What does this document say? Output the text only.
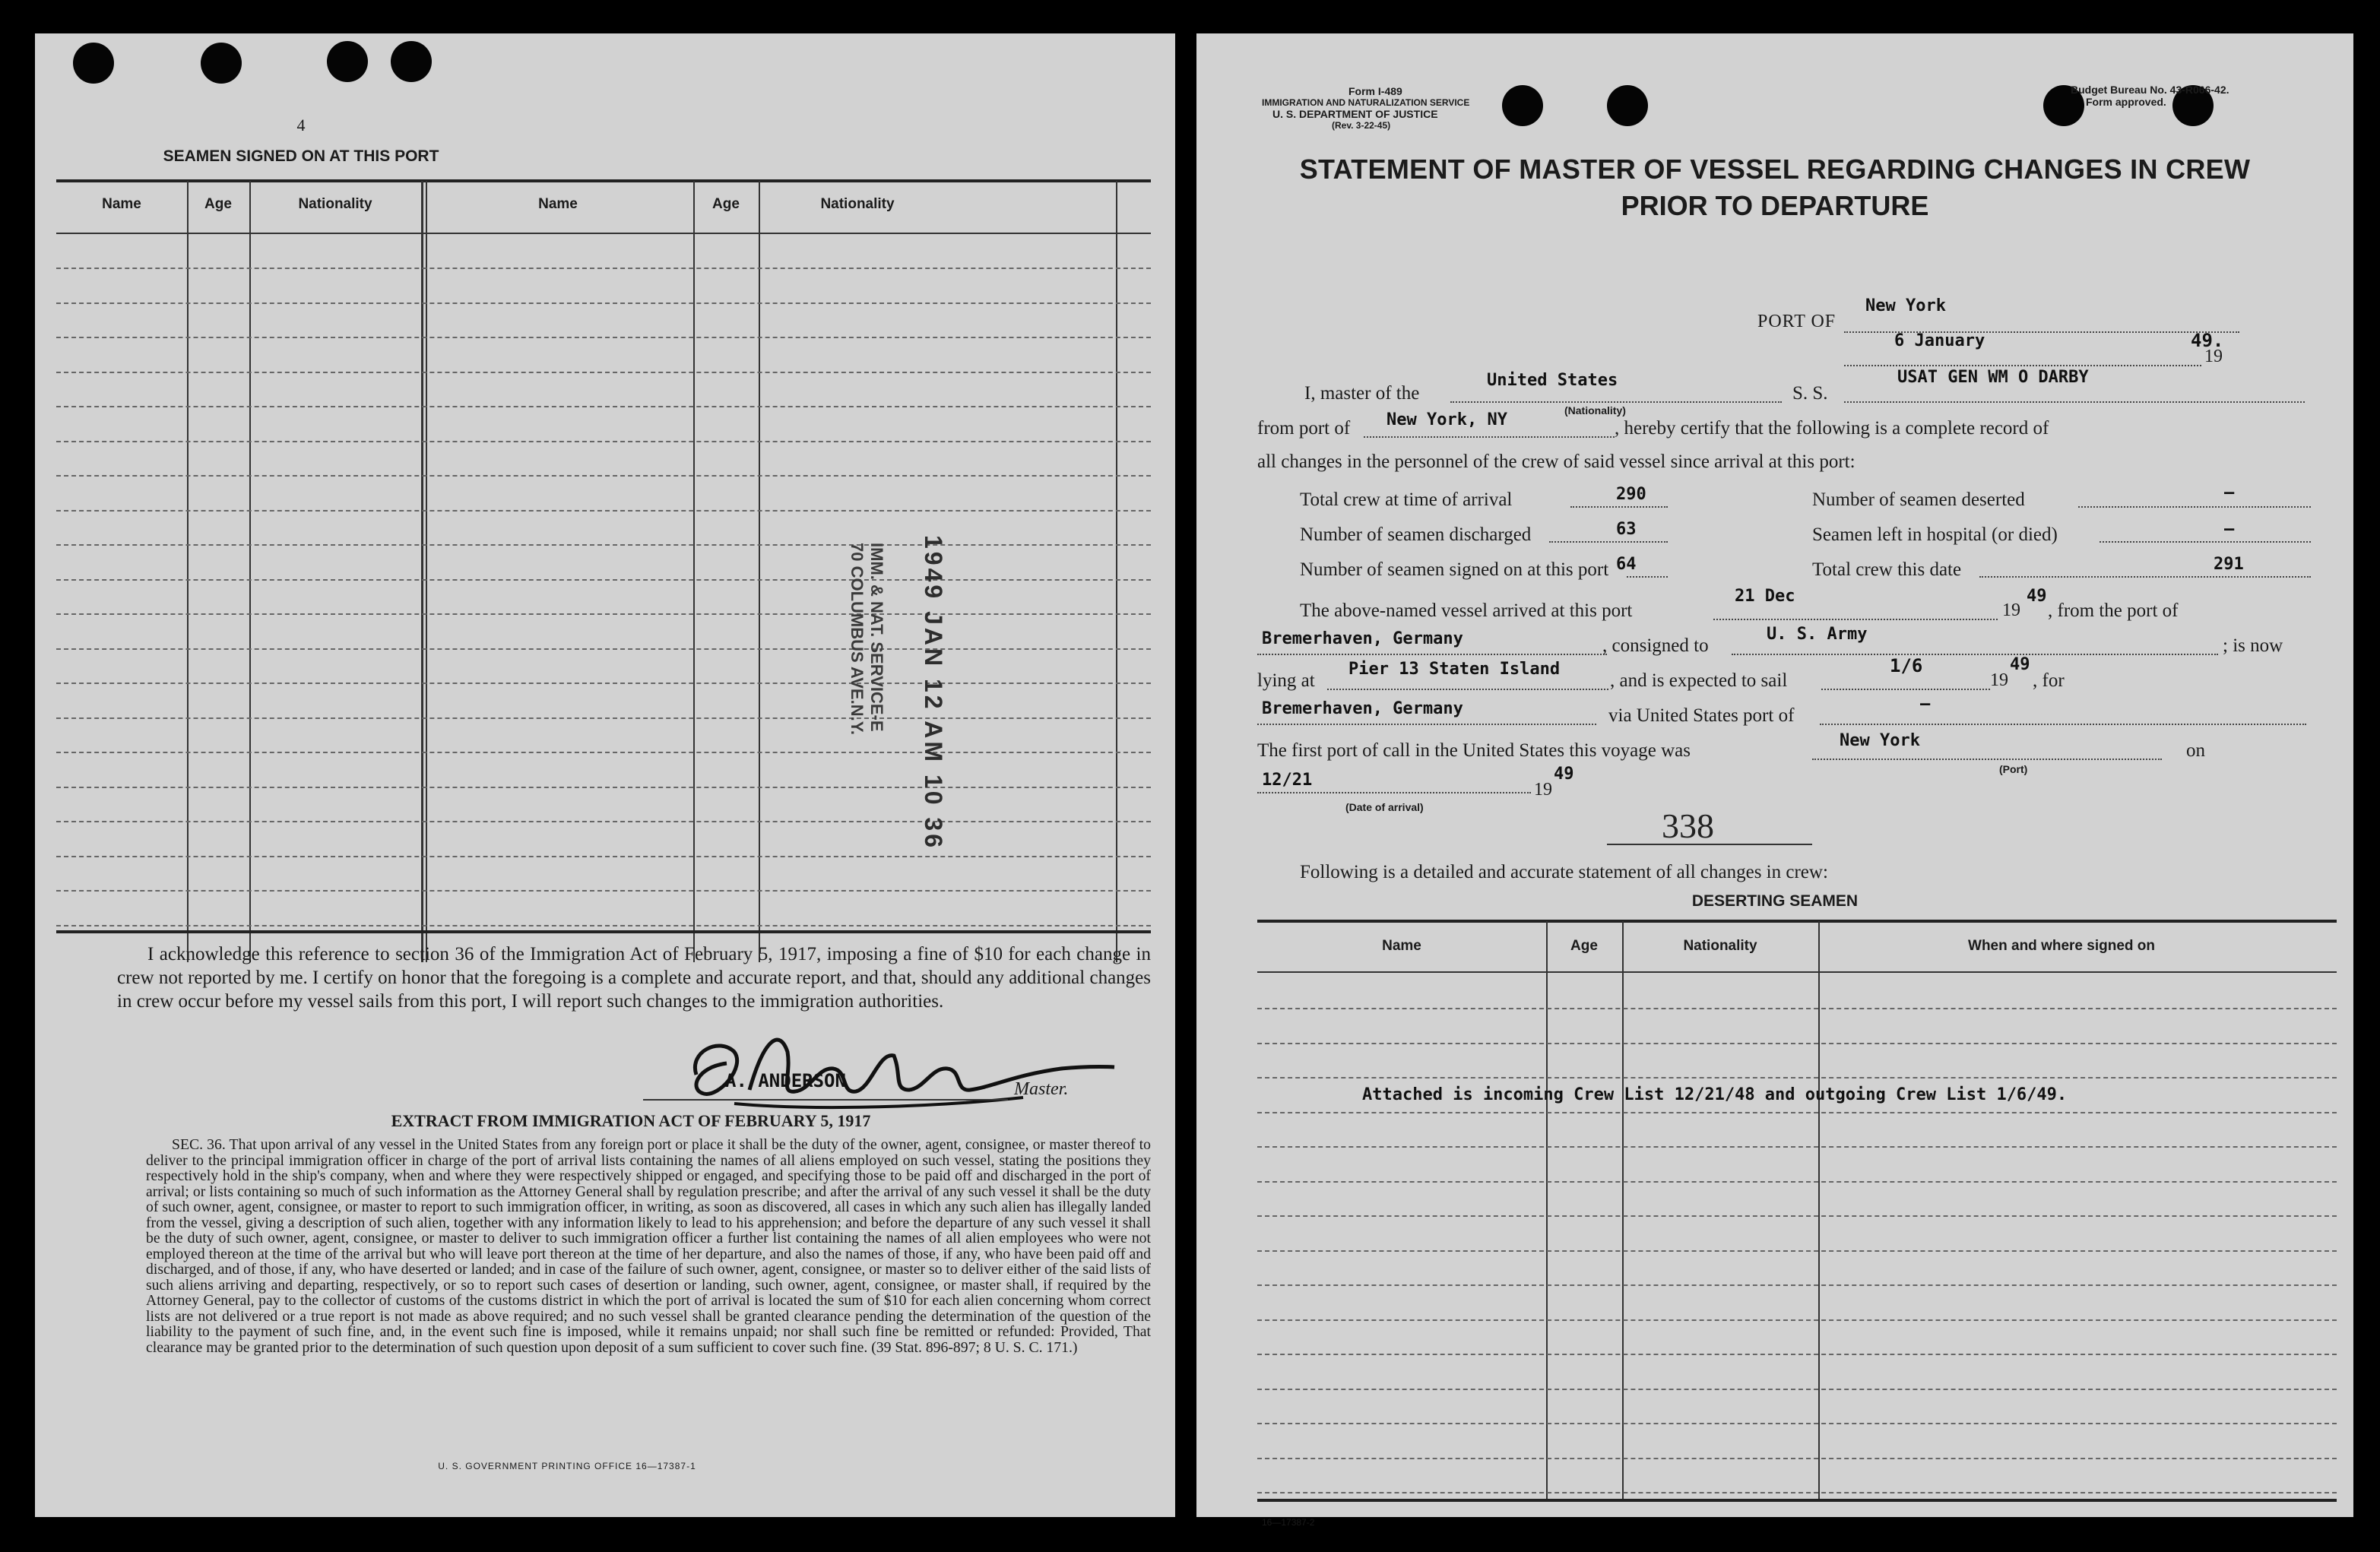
4
SEAMEN SIGNED ON AT THIS PORT
Name	Age	Nationality	Name	Age	Nationality
IMM. & NAT. SERVICE-E
70 COLUMBUS AVE.N.Y. 1949 JAN 12 AM 10 36
I acknowledge this reference to section 36 of the Immigration Act of February 5, 1917, imposing a fine of $10 for each change in crew not reported by me. I certify on honor that the foregoing is a complete and accurate report, and that, should any additional changes in crew occur before my vessel sails from this port, I will report such changes to the immigration authorities.
A. ANDERSON	Master.
EXTRACT FROM IMMIGRATION ACT OF FEBRUARY 5, 1917
SEC. 36. That upon arrival of any vessel in the United States from any foreign port or place it shall be the duty of the owner, agent, consignee, or master thereof to deliver to the principal immigration officer in charge of the port of arrival lists containing the names of all aliens employed on such vessel, stating the positions they respectively hold in the ship's company, when and where they were respectively shipped or engaged, and specifying those to be paid off and discharged in the port of arrival; or lists containing so much of such information as the Attorney General shall by regulation prescribe; and after the arrival of any such vessel it shall be the duty of such owner, agent, consignee, or master to report to such immigration officer, in writing, as soon as discovered, all cases in which any such alien has illegally landed from the vessel, giving a description of such alien, together with any information likely to lead to his apprehension; and before the departure of any such vessel it shall be the duty of such owner, agent, consignee, or master to deliver to such immigration officer a further list containing the names of all alien employees who were not employed thereon at the time of the arrival but who will leave port thereon at the time of her departure, and also the names of those, if any, who have been paid off and discharged, and of those, if any, who have deserted or landed; and in case of the failure of such owner, agent, consignee, or master so to deliver either of the said lists of such aliens arriving and departing, respectively, or so to report such cases of desertion or landing, such owner, agent, consignee, or master shall, if required by the Attorney General, pay to the collector of customs of the customs district in which the port of arrival is located the sum of $10 for each alien concerning whom correct lists are not delivered or a true report is not made as above required; and no such vessel shall be granted clearance pending the determination of the question of the liability to the payment of such fine, and, in the event such fine is imposed, while it remains unpaid; nor shall such fine be remitted or refunded: Provided, That clearance may be granted prior to the determination of such question upon deposit of a sum sufficient to cover such fine. (39 Stat. 896-897; 8 U. S. C. 171.)
U. S. GOVERNMENT PRINTING OFFICE 16—17387-1
Form I-489
IMMIGRATION AND NATURALIZATION SERVICE
U. S. DEPARTMENT OF JUSTICE
(Rev. 3-22-45)
Budget Bureau No. 43-R066-42.
Form approved.
STATEMENT OF MASTER OF VESSEL REGARDING CHANGES IN CREW
PRIOR TO DEPARTURE
PORT OF
New York
6 January
19
49.
I, master of the
United States
(Nationality)
S. S.
USAT GEN WM O DARBY
from port of New York, NY	, hereby certify that the following is a complete record of
all changes in the personnel of the crew of said vessel since arrival at this port:
Total crew at time of arrival	290	Number of seamen deserted	—
Number of seamen discharged	63	Seamen left in hospital (or died)	—
Number of seamen signed on at this port 64	Total crew this date	291
The above-named vessel arrived at this port
21 Dec
19
49
, from the port of
Bremerhaven, Germany	, consigned to
U. S. Army
; is now
lying at
Pier 13 Staten Island
, and is expected to sail
1/6
19
49
, for
Bremerhaven, Germany	via United States port of
—
The first port of call in the United States this voyage was	New York	on
(Port)
12/21	19
49
(Date of arrival)	338
Following is a detailed and accurate statement of all changes in crew:
DESERTING SEAMEN
Name	Age	Nationality	When and where signed on
Attached is incoming Crew List 12/21/48 and outgoing Crew List 1/6/49.
16—17387-2
